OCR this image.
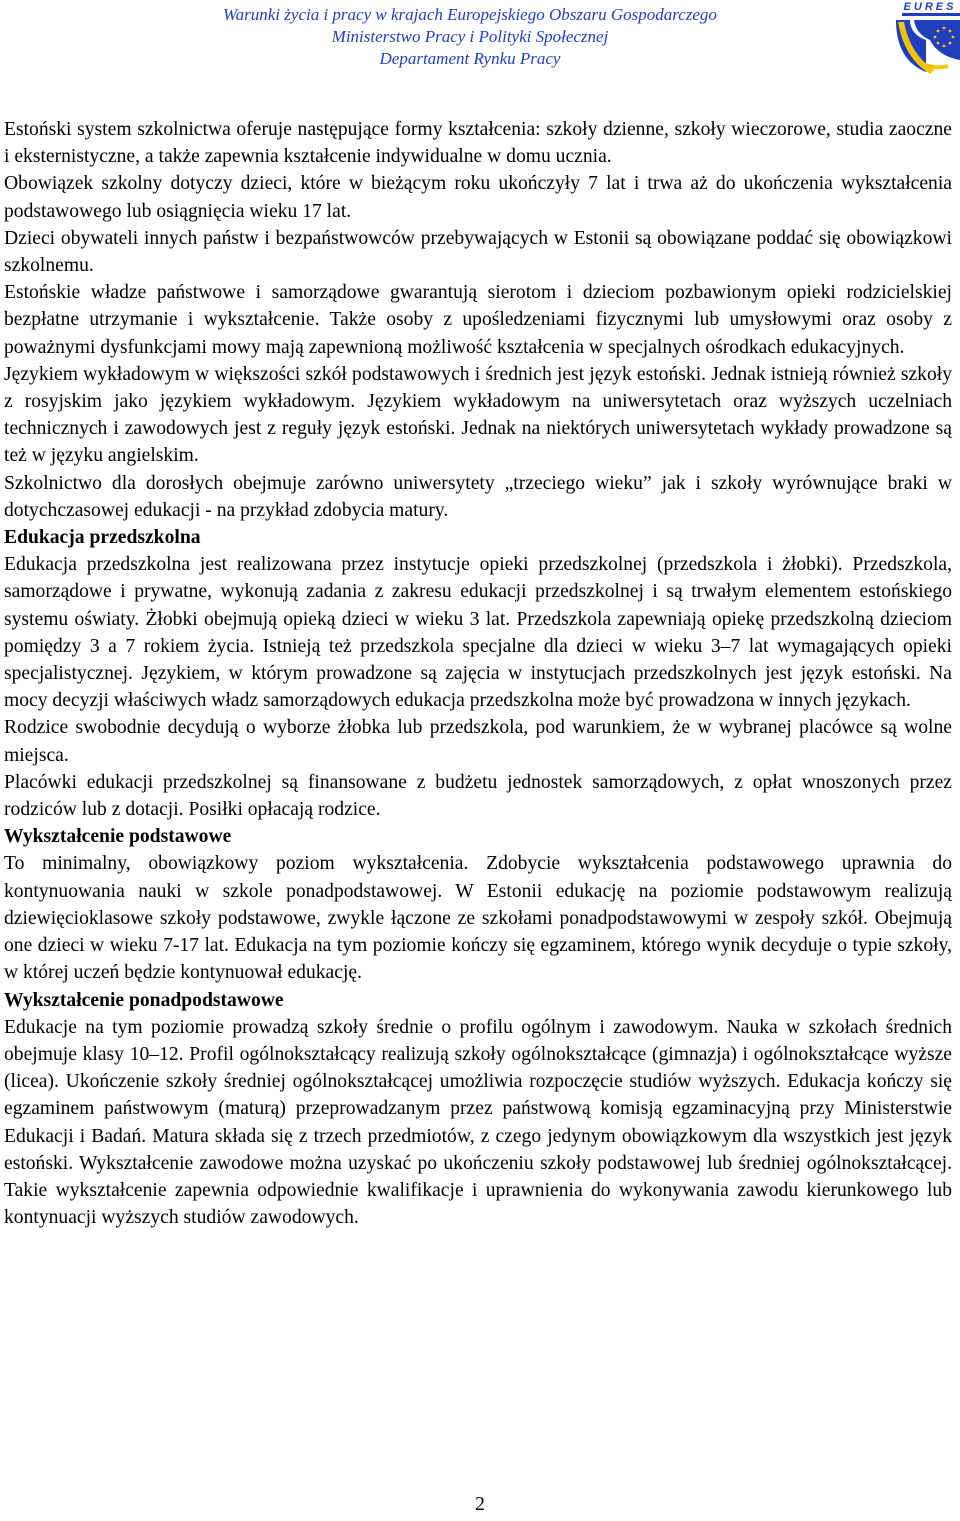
Warunki życia i pracy w krajach Europejskiego Obszaru Gospodarczego
Ministerstwo Pracy i Polityki Społecznej
Departament Rynku Pracy
EURES

Estoński system szkolnictwa oferuje następujące formy kształcenia: szkoły dzienne, szkoły wieczorowe, studia zaoczne i eksternistyczne, a także zapewnia kształcenie indywidualne w domu ucznia.

Obowiązek szkolny dotyczy dzieci, które w bieżącym roku ukończyły 7 lat i trwa aż do ukończenia wykształcenia podstawowego lub osiągnięcia wieku 17 lat.

Dzieci obywateli innych państw i bezpaństwowców przebywających w Estonii są obowiązane poddać się obowiązkowi szkolnemu.

Estońskie władze państwowe i samorządowe gwarantują sierotom i dzieciom pozbawionym opieki rodzicielskiej bezpłatne utrzymanie i wykształcenie. Także osoby z upośledzeniami fizycznymi lub umysłowymi oraz osoby z poważnymi dysfunkcjami mowy mają zapewnioną możliwość kształcenia w specjalnych ośrodkach edukacyjnych.

Językiem wykładowym w większości szkół podstawowych i średnich jest język estoński. Jednak istnieją również szkoły z rosyjskim jako językiem wykładowym. Językiem wykładowym na uniwersytetach oraz wyższych uczelniach technicznych i zawodowych jest z reguły język estoński. Jednak na niektórych uniwersytetach wykłady prowadzone są też w języku angielskim.

Szkolnictwo dla dorosłych obejmuje zarówno uniwersytety „trzeciego wieku” jak i szkoły wyrównujące braki w dotychczasowej edukacji - na przykład zdobycia matury.

Edukacja przedszkolna

Edukacja przedszkolna jest realizowana przez instytucje opieki przedszkolnej (przedszkola i żłobki). Przedszkola, samorządowe i prywatne, wykonują zadania z zakresu edukacji przedszkolnej i są trwałym elementem estońskiego systemu oświaty. Żłobki obejmują opieką dzieci w wieku 3 lat. Przedszkola zapewniają opiekę przedszkolną dzieciom pomiędzy 3 a 7 rokiem życia. Istnieją też przedszkola specjalne dla dzieci w wieku 3–7 lat wymagających opieki specjalistycznej. Językiem, w którym prowadzone są zajęcia w instytucjach przedszkolnych jest język estoński. Na mocy decyzji właściwych władz samorządowych edukacja przedszkolna może być prowadzona w innych językach.

Rodzice swobodnie decydują o wyborze żłobka lub przedszkola, pod warunkiem, że w wybranej placówce są wolne miejsca.

Placówki edukacji przedszkolnej są finansowane z budżetu jednostek samorządowych, z opłat wnoszonych przez rodziców lub z dotacji. Posiłki opłacają rodzice.

Wykształcenie podstawowe

To minimalny, obowiązkowy poziom wykształcenia. Zdobycie wykształcenia podstawowego uprawnia do kontynuowania nauki w szkole ponadpodstawowej. W Estonii edukację na poziomie podstawowym realizują dziewięcioklasowe szkoły podstawowe, zwykle łączone ze szkołami ponadpodstawowymi w zespoły szkół. Obejmują one dzieci w wieku 7-17 lat. Edukacja na tym poziomie kończy się egzaminem, którego wynik decyduje o typie szkoły, w której uczeń będzie kontynuował edukację.

Wykształcenie ponadpodstawowe

Edukacje na tym poziomie prowadzą szkoły średnie o profilu ogólnym i zawodowym. Nauka w szkołach średnich obejmuje klasy 10–12. Profil ogólnokształcący realizują szkoły ogólnokształcące (gimnazja) i ogólnokształcące wyższe (licea). Ukończenie szkoły średniej ogólnokształcącej umożliwia rozpoczęcie studiów wyższych. Edukacja kończy się egzaminem państwowym (maturą) przeprowadzanym przez państwową komisją egzaminacyjną przy Ministerstwie Edukacji i Badań. Matura składa się z trzech przedmiotów, z czego jedynym obowiązkowym dla wszystkich jest język estoński. Wykształcenie zawodowe można uzyskać po ukończeniu szkoły podstawowej lub średniej ogólnokształcącej. Takie wykształcenie zapewnia odpowiednie kwalifikacje i uprawnienia do wykonywania zawodu kierunkowego lub kontynuacji wyższych studiów zawodowych.

2
